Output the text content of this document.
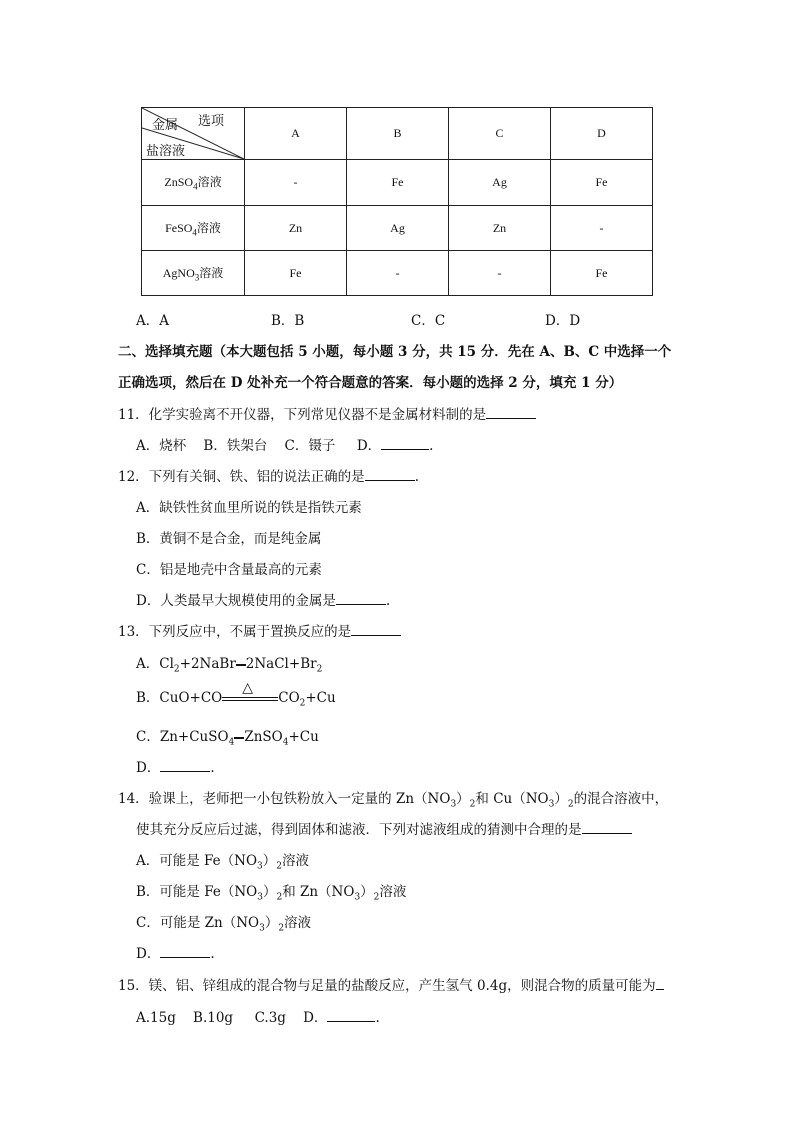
金属 选项
盐溶液	A	B	C	D
ZnSO$_4$溶液	-	Fe	Ag	Fe
FeSO$_4$溶液	Zn	Ag	Zn	-
AgNO$_3$溶液	Fe	-	-	Fe
A．A	B．B	C．C	D．D
二、选择填充题（本大题包括 5 小题，每小题 3 分，共 15 分．先在 A、B、C 中选择一个
正确选项，然后在 D 处补充一个符合题意的答案．每小题的选择 2 分，填充 1 分）
11．化学实验离不开仪器，下列常见仪器不是金属材料制的是
A．烧杯 B．铁架台 C．镊子 D．	.
12．下列有关铜、铁、铝的说法正确的是	.
A．缺铁性贫血里所说的铁是指铁元素
B．黄铜不是合金，而是纯金属
C．铝是地壳中含量最高的元素
D．人类最早大规模使用的金属是	.
13．下列反应中，不属于置换反应的是
A．$Cl_2+2NaBr$ $2NaCl+Br_2$
B．CuO+CO
△
$CO_2+Cu$
C．Zn+CuSO$_4$ ZnSO$_4$+Cu
D．	.
14．验课上，老师把一小包铁粉放入一定量的 $Zn(NO_3)_2$和 $Cu(NO_3)_2$的混合溶液中，
使其充分反应后过滤，得到固体和滤液．下列对滤液组成的猜测中合理的是
A．可能是 $Fe(NO_3)_2$溶液
B．可能是 $Fe(NO_3)_2$和 $Zn(NO_3)_2$溶液
C．可能是 $Zn(NO_3)_2$溶液
D．	.
15．镁、铝、锌组成的混合物与足量的盐酸反应，产生氢气 0.4g，则混合物的质量可能为
A.15g B.10g C.3g D．	.
